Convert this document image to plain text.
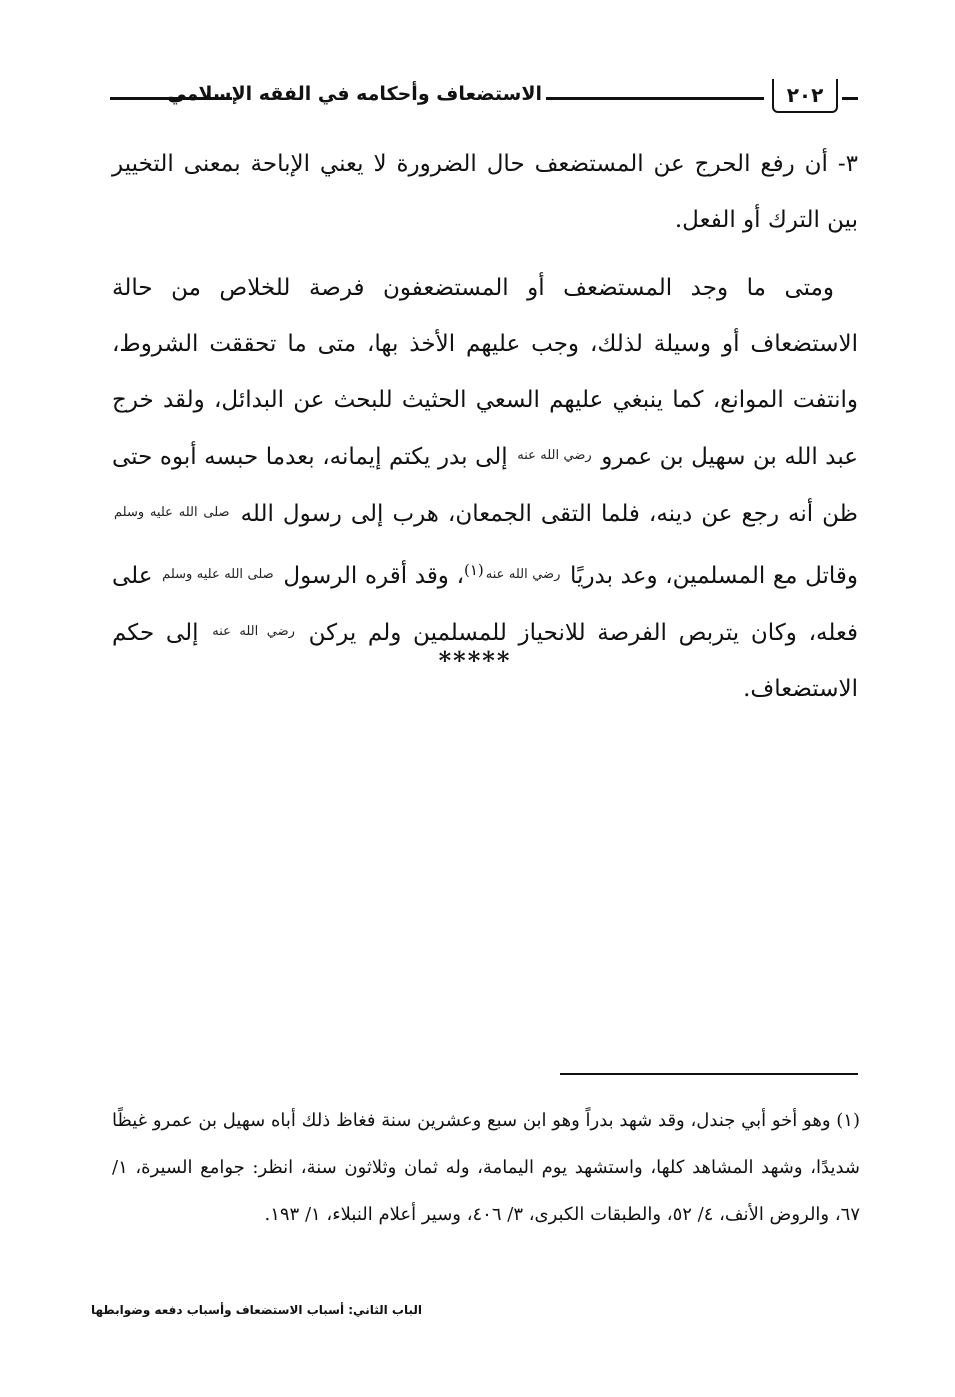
الاستضعاف وأحكامه في الفقه الإسلامي	٢٠٢

٣- أن رفع الحرج عن المستضعف حال الضرورة لا يعني الإباحة بمعنى التخيير بين الترك أو الفعل.

ومتى ما وجد المستضعف أو المستضعفون فرصة للخلاص من حالة الاستضعاف أو وسيلة لذلك، وجب عليهم الأخذ بها، متى ما تحققت الشروط، وانتفت الموانع، كما ينبغي عليهم السعي الحثيث للبحث عن البدائل، ولقد خرج عبد الله بن سهيل بن عمرو $^{رضي الله عنه}$ إلى بدر يكتم إيمانه، بعدما حبسه أبوه حتى ظن أنه رجع عن دينه، فلما التقى الجمعان، هرب إلى رسول الله $^{صلى الله عليه وسلم}$ وقاتل مع المسلمين، وعد بدريًا $^{رضي الله عنه(١)}$، وقد أقره الرسول $^{صلى الله عليه وسلم}$ على فعله، وكان يتربص الفرصة للانحياز للمسلمين ولم يركن $^{رضي الله عنه}$ إلى حكم الاستضعاف.

*****

(١) وهو أخو أبي جندل، وقد شهد بدراً وهو ابن سبع وعشرين سنة فغاظ ذلك أباه سهيل بن عمرو غيظًا شديدًا، وشهد المشاهد كلها، واستشهد يوم اليمامة، وله ثمان وثلاثون سنة، انظر: جوامع السيرة، ١/ ٦٧، والروض الأنف، ٤/ ٥٢، والطبقات الكبرى، ٣/ ٤٠٦، وسير أعلام النبلاء، ١/ ١٩٣.

الباب الثاني: أسباب الاستضعاف وأسباب دفعه وضوابطها
